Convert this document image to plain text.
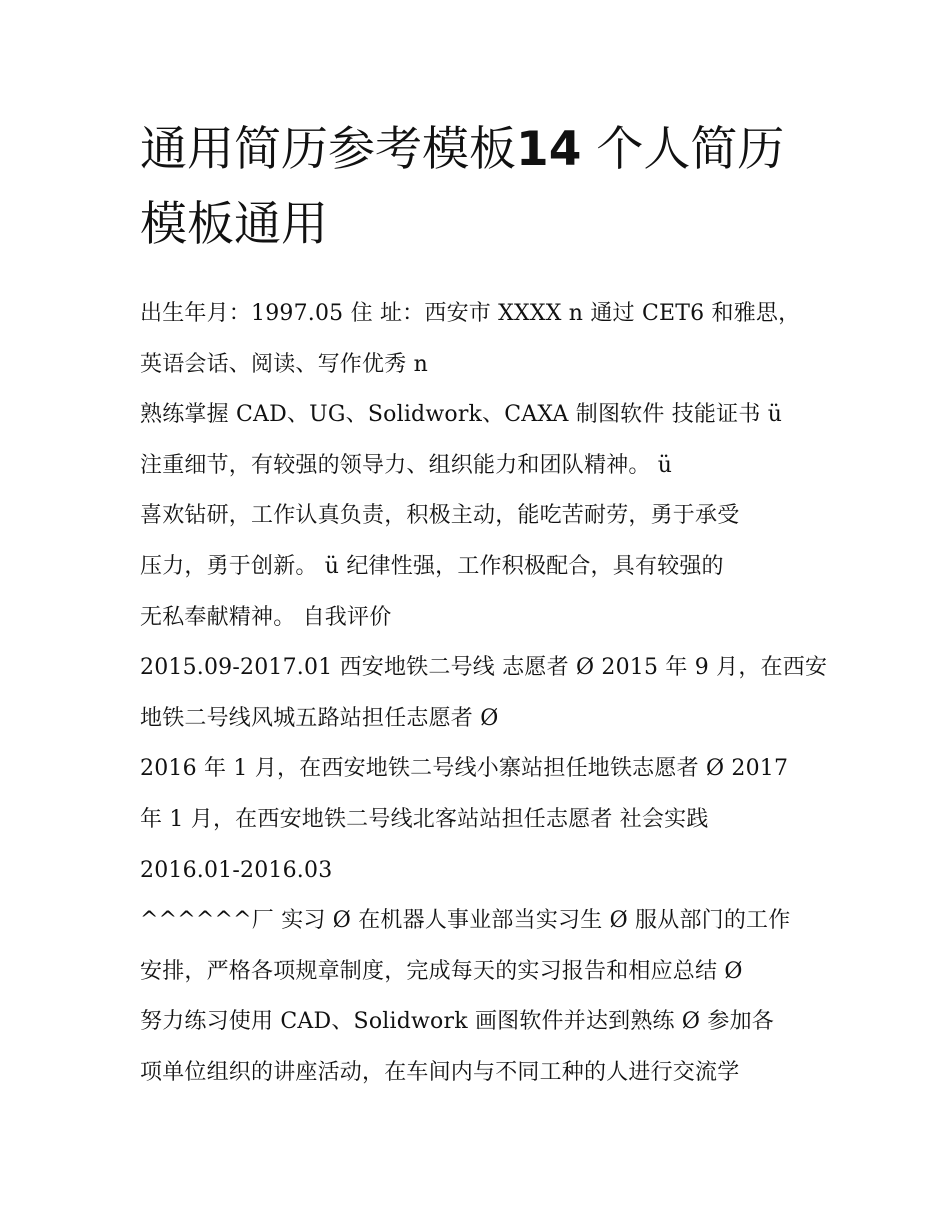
通用简历参考模板14 个人简历
模板通用
出生年月：1997.05 住 址：西安市 XXXX n 通过 CET6 和雅思，
英语会话、阅读、写作优秀 n
熟练掌握 CAD、UG、Solidwork、CAXA 制图软件 技能证书 ü
注重细节，有较强的领导力、组织能力和团队精神。 ü
喜欢钻研，工作认真负责，积极主动，能吃苦耐劳，勇于承受
压力，勇于创新。 ü 纪律性强，工作积极配合，具有较强的
无私奉献精神。 自我评价
2015.09-2017.01 西安地铁二号线 志愿者 Ø 2015 年 9 月，在西安
地铁二号线风城五路站担任志愿者 Ø
2016 年 1 月，在西安地铁二号线小寨站担任地铁志愿者 Ø 2017
年 1 月，在西安地铁二号线北客站站担任志愿者 社会实践
2016.01-2016.03
^^^^^^厂 实习 Ø 在机器人事业部当实习生 Ø 服从部门的工作
安排，严格各项规章制度，完成每天的实习报告和相应总结 Ø
努力练习使用 CAD、Solidwork 画图软件并达到熟练 Ø 参加各
项单位组织的讲座活动，在车间内与不同工种的人进行交流学
